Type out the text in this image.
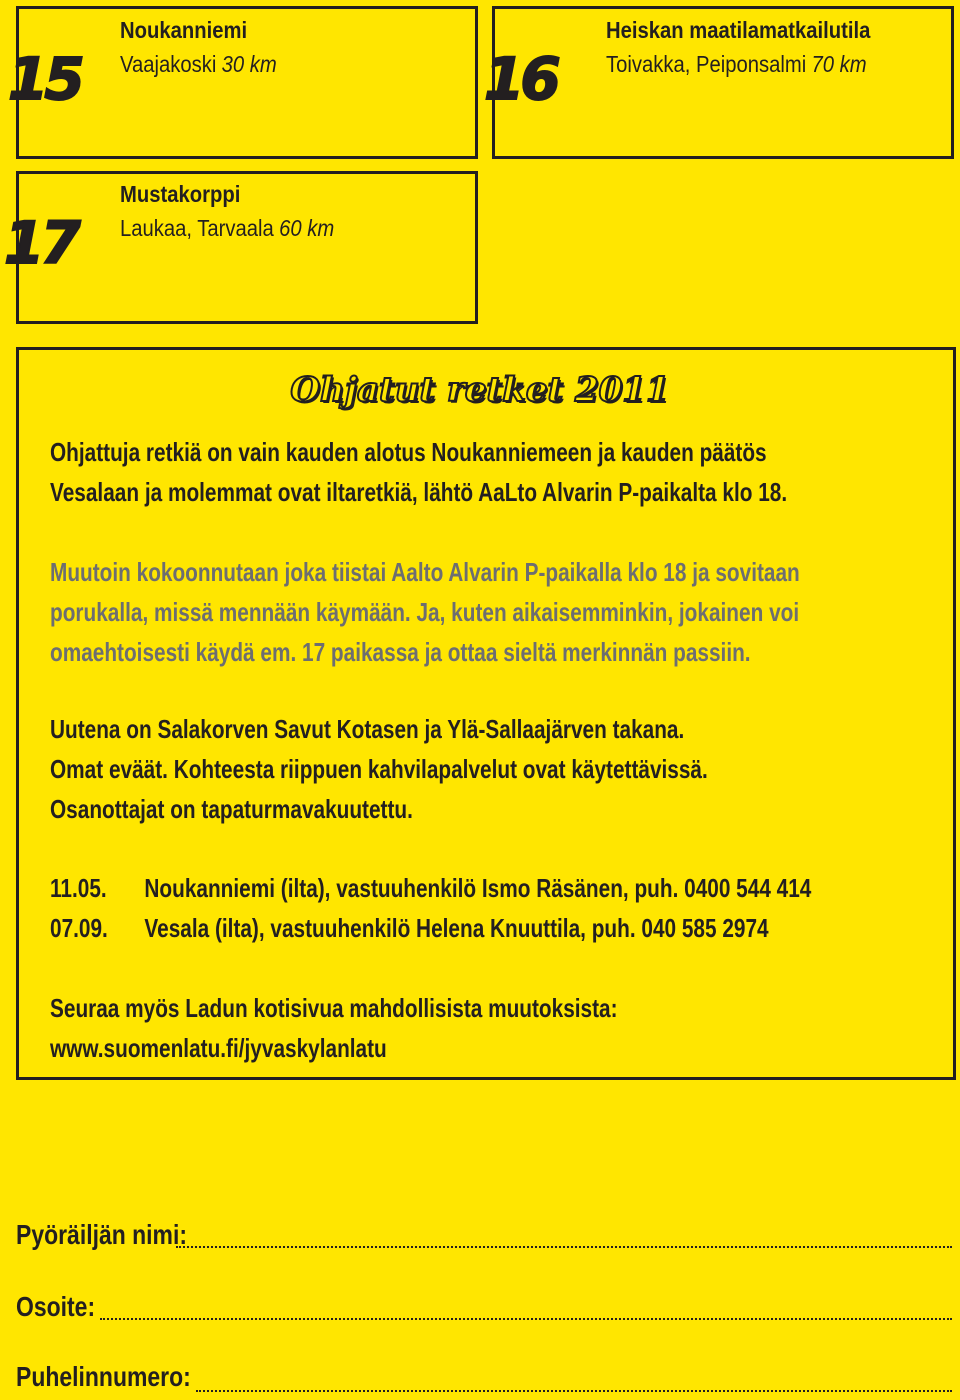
15
Noukanniemi
Vaajakoski 30 km	16
Heiskan maatilamatkailutila
Toivakka, Peiponsalmi 70 km
17
Mustakorppi
Laukaa, Tarvaala 60 km
Ohjatut retket 2011
Ohjattuja retkiä on vain kauden alotus Noukanniemeen ja kauden päätös
Vesalaan ja molemmat ovat iltaretkiä, lähtö AaLto Alvarin P-paikalta klo 18.
Muutoin kokoonnutaan joka tiistai Aalto Alvarin P-paikalla klo 18 ja sovitaan
porukalla, missä mennään käymään. Ja, kuten aikaisemminkin, jokainen voi
omaehtoisesti käydä em. 17 paikassa ja ottaa sieltä merkinnän passiin.
Uutena on Salakorven Savut Kotasen ja Ylä-Sallaajärven takana.
Omat eväät. Kohteesta riippuen kahvilapalvelut ovat käytettävissä.
Osanottajat on tapaturmavakuutettu.
11.05. Noukanniemi (ilta), vastuuhenkilö Ismo Räsänen, puh. 0400 544 414
07.09. Vesala (ilta), vastuuhenkilö Helena Knuuttila, puh. 040 585 2974
Seuraa myös Ladun kotisivua mahdollisista muutoksista:
www.suomenlatu.fi/jyvaskylanlatu
Pyöräiljän nimi:
Osoite:
Puhelinnumero:
